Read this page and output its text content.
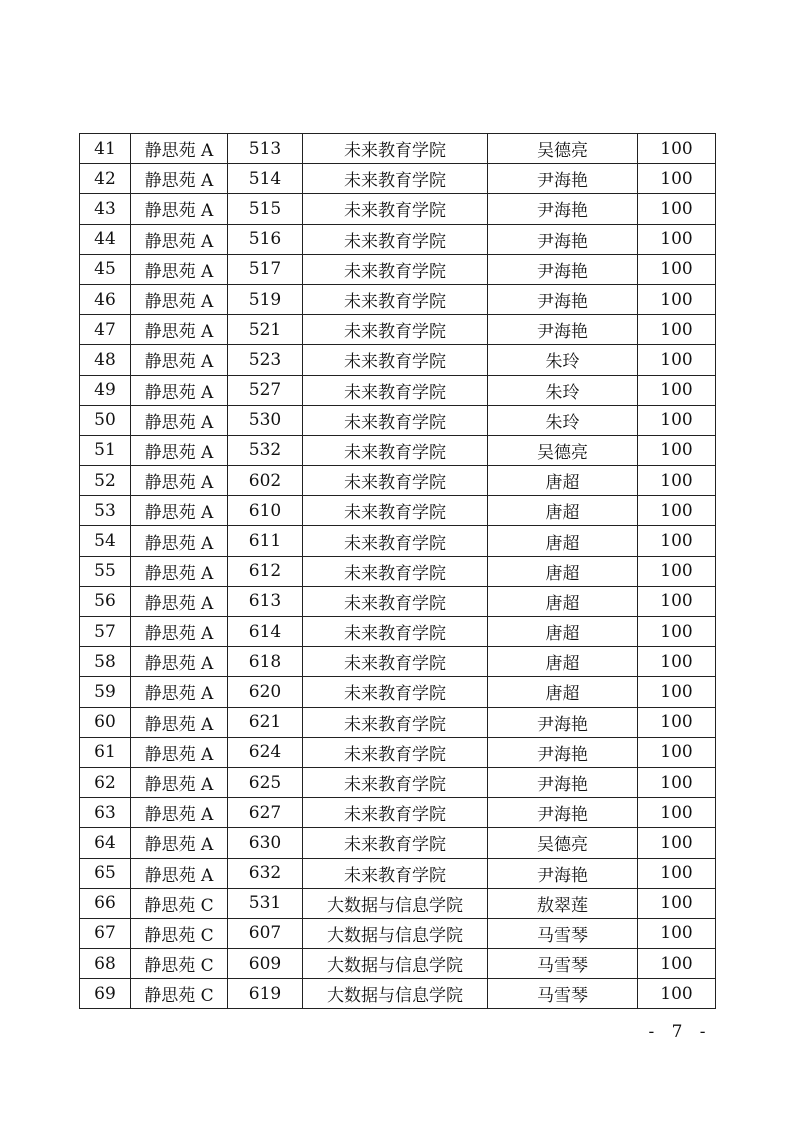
41	静思苑 A	513	未来教育学院	吴德亮	100
42	静思苑 A	514	未来教育学院	尹海艳	100
43	静思苑 A	515	未来教育学院	尹海艳	100
44	静思苑 A	516	未来教育学院	尹海艳	100
45	静思苑 A	517	未来教育学院	尹海艳	100
46	静思苑 A	519	未来教育学院	尹海艳	100
47	静思苑 A	521	未来教育学院	尹海艳	100
48	静思苑 A	523	未来教育学院	朱玲	100
49	静思苑 A	527	未来教育学院	朱玲	100
50	静思苑 A	530	未来教育学院	朱玲	100
51	静思苑 A	532	未来教育学院	吴德亮	100
52	静思苑 A	602	未来教育学院	唐超	100
53	静思苑 A	610	未来教育学院	唐超	100
54	静思苑 A	611	未来教育学院	唐超	100
55	静思苑 A	612	未来教育学院	唐超	100
56	静思苑 A	613	未来教育学院	唐超	100
57	静思苑 A	614	未来教育学院	唐超	100
58	静思苑 A	618	未来教育学院	唐超	100
59	静思苑 A	620	未来教育学院	唐超	100
60	静思苑 A	621	未来教育学院	尹海艳	100
61	静思苑 A	624	未来教育学院	尹海艳	100
62	静思苑 A	625	未来教育学院	尹海艳	100
63	静思苑 A	627	未来教育学院	尹海艳	100
64	静思苑 A	630	未来教育学院	吴德亮	100
65	静思苑 A	632	未来教育学院	尹海艳	100
66	静思苑 C	531	大数据与信息学院	敖翠莲	100
67	静思苑 C	607	大数据与信息学院	马雪琴	100
68	静思苑 C	609	大数据与信息学院	马雪琴	100
69	静思苑 C	619	大数据与信息学院	马雪琴	100
- 7 -
